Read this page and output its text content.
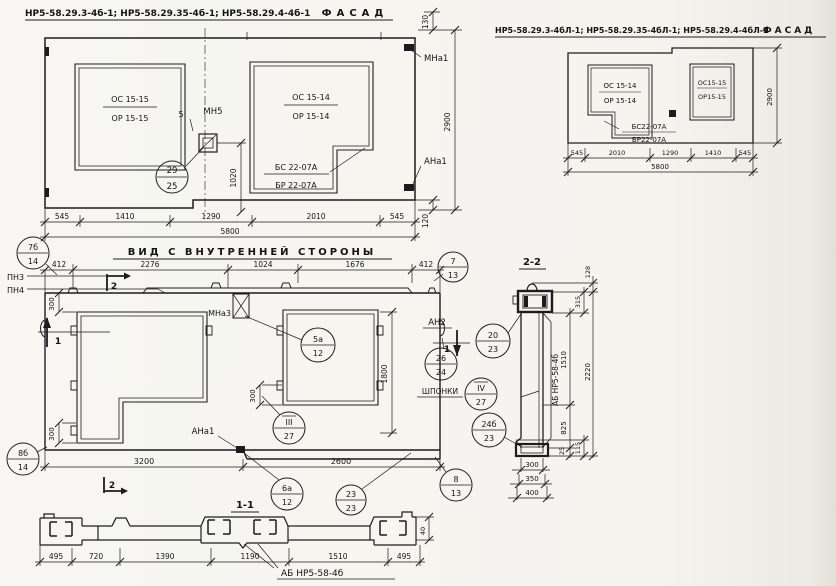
НР5-58.29.3-4б-1; НР5-58.29.35-4б-1; НР5-58.29.4-4б-1 ФАСАД
ОС 15-15
ОР 15-15
ОС 15-14
ОР 15-14
БС 22-07А
БР 22-07А
5 МН5
МНа1
АНа1
29
25
545	1410	1290	2010	545
5800
1020
130
2900
120
НР5-58.29.3-4бЛ-1; НР5-58.29.35-4бЛ-1; НР5-58.29.4-4бЛ-1
ФАСАД
ОС 15-14
ОР 15-14
БС22-07А
БР22-07А
ОС15-15
ОР15-15
545	2010	1290	1410	545
5800
2900
ВИД С ВНУТРЕННЕЙ СТОРОНЫ
412	2276	1024	1676	412
3200	2600
300
300
300
1800
ПН3
ПН4
МНа3
АНа1
АН2
ШПОНКИ
1
1
2
2
7б
14	7
13
8б
14
8
13
5а
12
III
27
26
24
IV
27
6а
12
23
23
2-2
АБ НР5-58-4б 1510
825
25
315
115
128
2220
300
350
400
20
23
24б
23
1-1
495	720	1390	1190	1510	495
40
АБ НР5-58-4б
